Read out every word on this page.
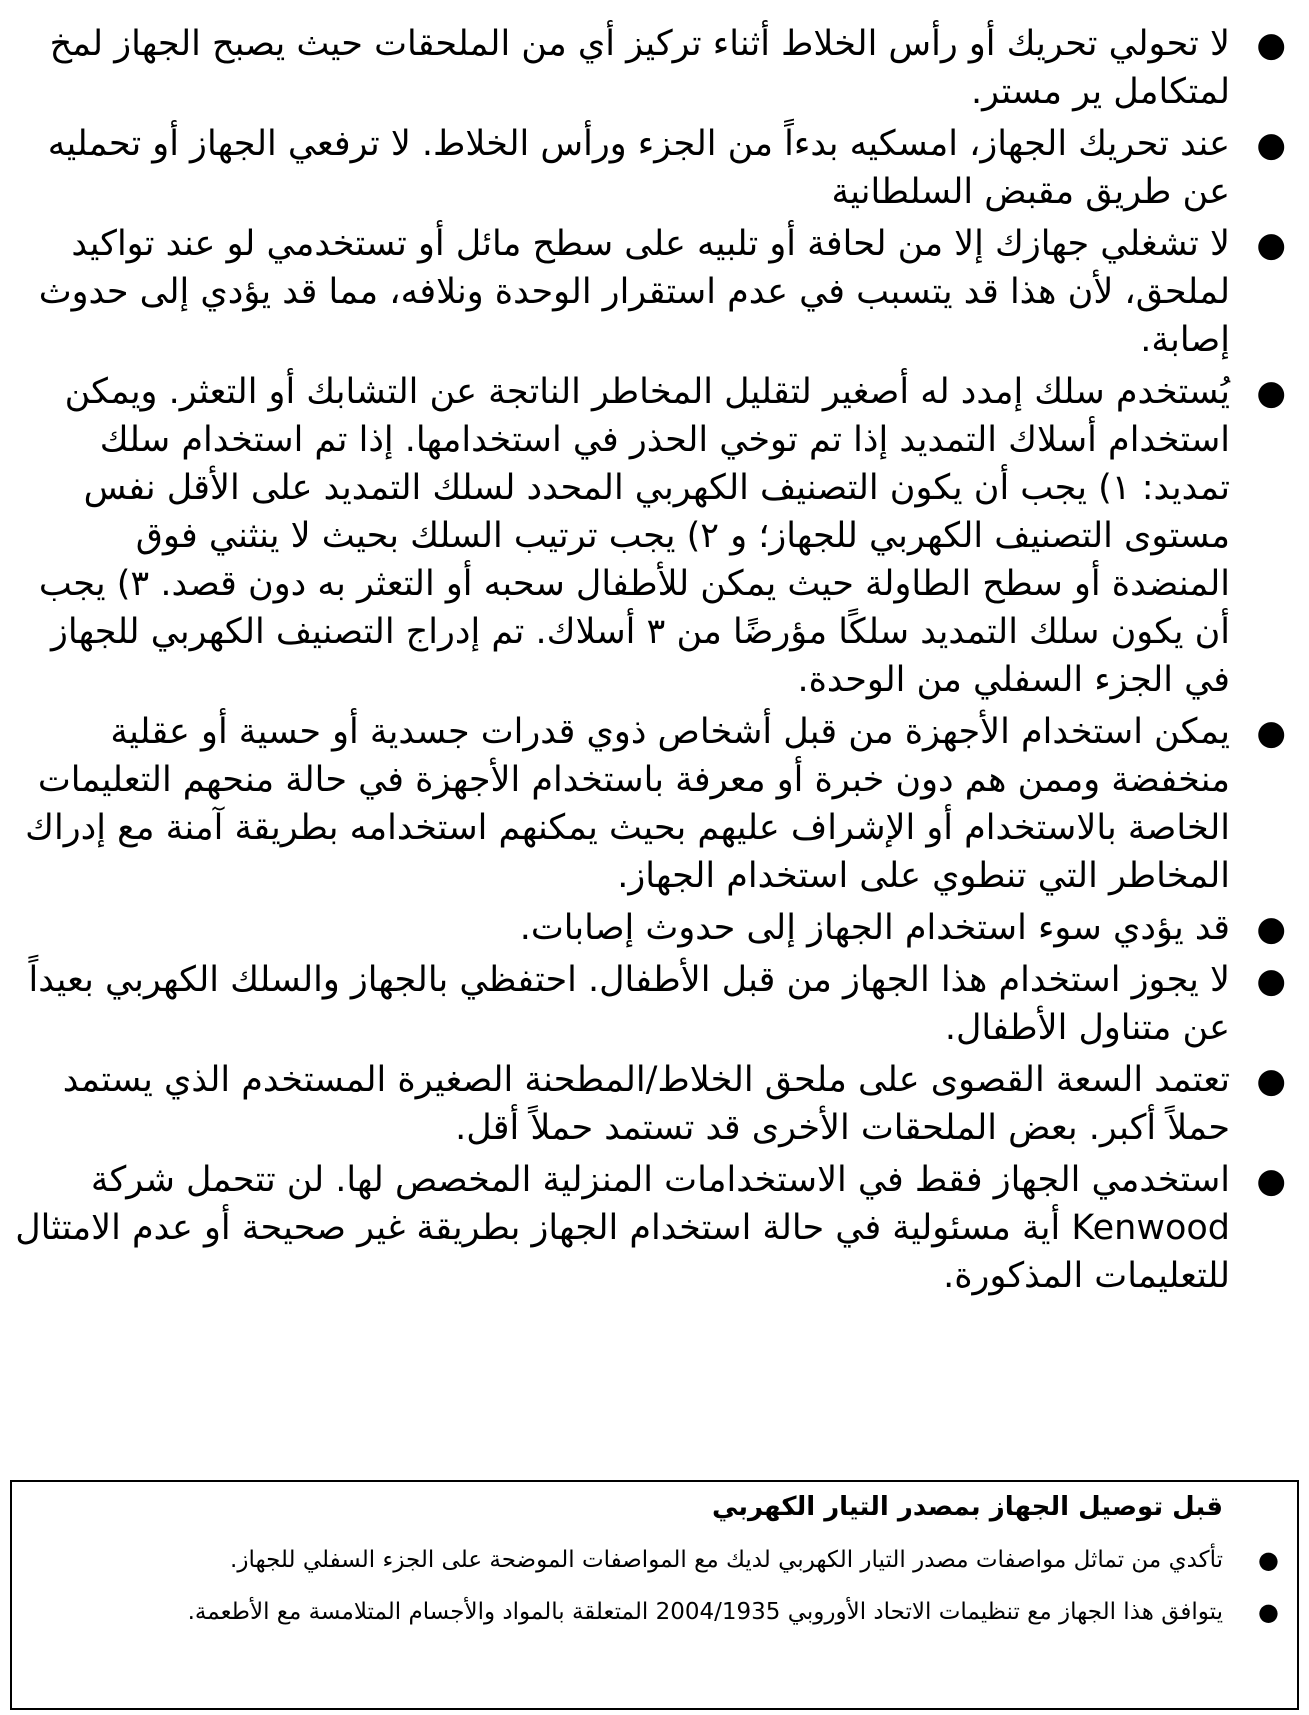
●
لا تحولي تحريك أو رأس الخلاط أثناء تركيز أي من الملحقات حيث يصبح الجهاز لمخ لمتكامل ير مستر.
●
عند تحريك الجهاز، امسكيه بدءاً من الجزء ورأس الخلاط. لا ترفعي الجهاز أو تحمليه عن طريق مقبض السلطانية
●
لا تشغلي جهازك إلا من لحافة أو تلبيه على سطح مائل أو تستخدمي لو عند تواكيد لملحق، لأن هذا قد يتسبب في عدم استقرار الوحدة ونلافه، مما قد يؤدي إلى حدوث إصابة.
●
يُستخدم سلك إمدد له أصغير لتقليل المخاطر الناتجة عن التشابك أو التعثر. ويمكن استخدام أسلاك التمديد إذا تم توخي الحذر في استخدامها. إذا تم استخدام سلك تمديد: ١) يجب أن يكون التصنيف الكهربي المحدد لسلك التمديد على الأقل نفس مستوى التصنيف الكهربي للجهاز؛ و ٢) يجب ترتيب السلك بحيث لا ينثني فوق المنضدة أو سطح الطاولة حيث يمكن للأطفال سحبه أو التعثر به دون قصد. ٣) يجب أن يكون سلك التمديد سلكًا مؤرضًا من ٣ أسلاك. تم إدراج التصنيف الكهربي للجهاز في الجزء السفلي من الوحدة.
●
يمكن استخدام الأجهزة من قبل أشخاص ذوي قدرات جسدية أو حسية أو عقلية منخفضة وممن هم دون خبرة أو معرفة باستخدام الأجهزة في حالة منحهم التعليمات الخاصة بالاستخدام أو الإشراف عليهم بحيث يمكنهم استخدامه بطريقة آمنة مع إدراك المخاطر التي تنطوي على استخدام الجهاز.
●
قد يؤدي سوء استخدام الجهاز إلى حدوث إصابات.
●
لا يجوز استخدام هذا الجهاز من قبل الأطفال. احتفظي بالجهاز والسلك الكهربي بعيداً عن متناول الأطفال.
●
تعتمد السعة القصوى على ملحق الخلاط/المطحنة الصغيرة المستخدم الذي يستمد حملاً أكبر. بعض الملحقات الأخرى قد تستمد حملاً أقل.
●
استخدمي الجهاز فقط في الاستخدامات المنزلية المخصص لها. لن تتحمل شركة Kenwood أية مسئولية في حالة استخدام الجهاز بطريقة غير صحيحة أو عدم الامتثال للتعليمات المذكورة.
قبل توصيل الجهاز بمصدر التيار الكهربي
●
تأكدي من تماثل مواصفات مصدر التيار الكهربي لديك مع المواصفات الموضحة على الجزء السفلي للجهاز.
●
يتوافق هذا الجهاز مع تنظيمات الاتحاد الأوروبي 2004/1935 المتعلقة بالمواد والأجسام المتلامسة مع الأطعمة.
